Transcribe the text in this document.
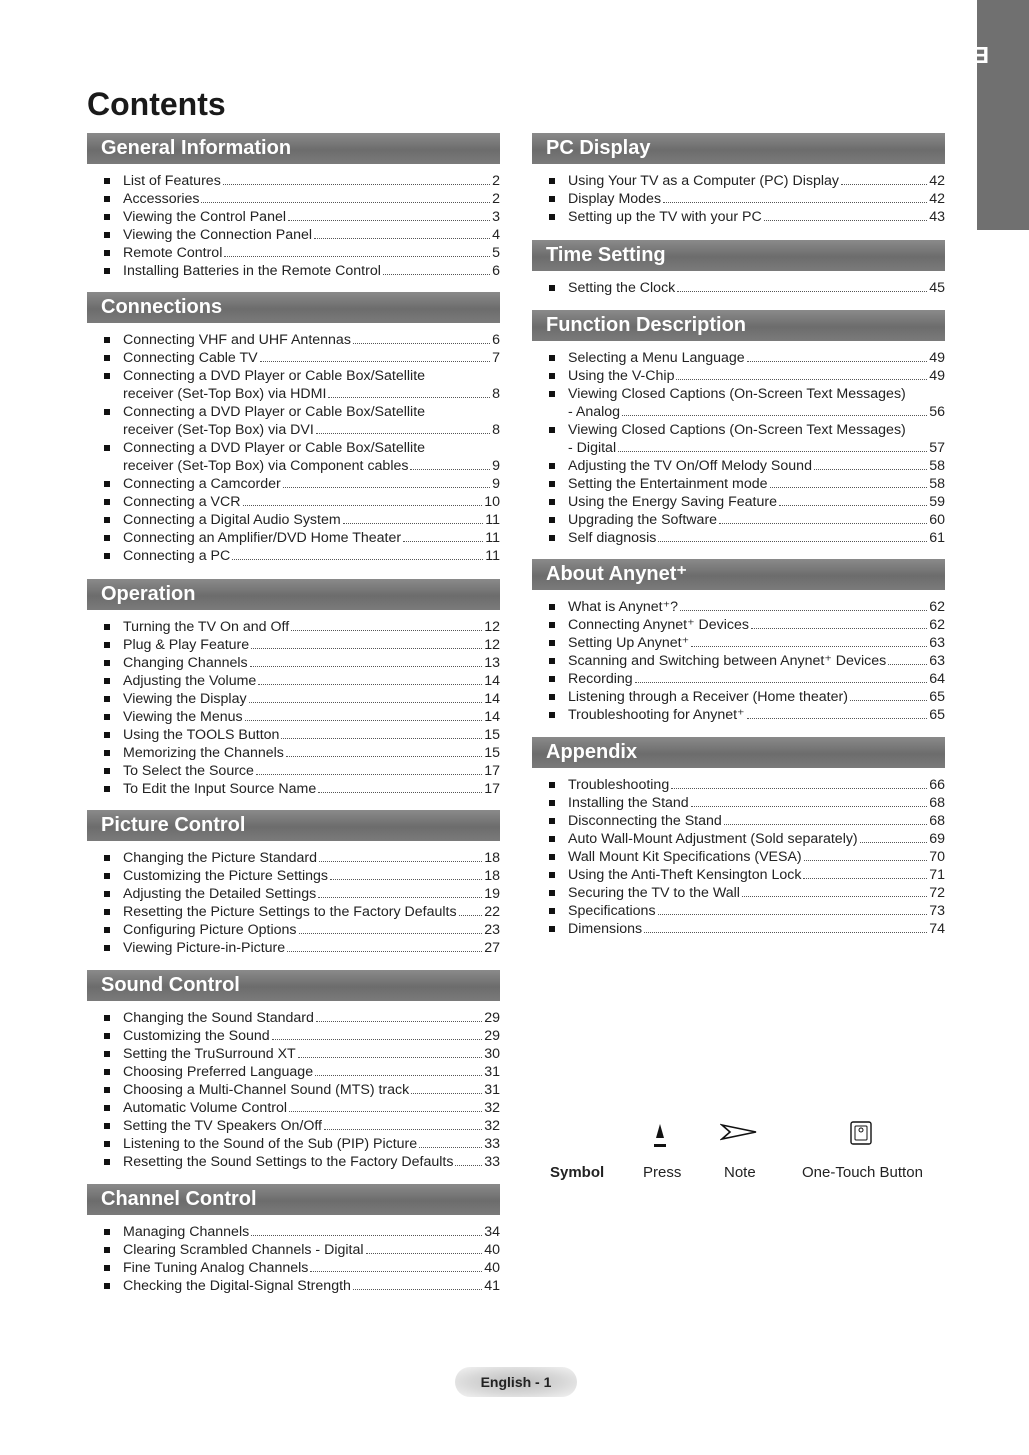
Contents
English
General Information
List of Features	2
Accessories	2
Viewing the Control Panel	3
Viewing the Connection Panel	4
Remote Control	5
Installing Batteries in the Remote Control	6
Connections
Connecting VHF and UHF Antennas	6
Connecting Cable TV	7
Connecting a DVD Player or Cable Box/Satellite
receiver (Set-Top Box) via HDMI	8
Connecting a DVD Player or Cable Box/Satellite
receiver (Set-Top Box) via DVI	8
Connecting a DVD Player or Cable Box/Satellite
receiver (Set-Top Box) via Component cables	9
Connecting a Camcorder	9
Connecting a VCR	10
Connecting a Digital Audio System	11
Connecting an Amplifier/DVD Home Theater	11
Connecting a PC	11
Operation
Turning the TV On and Off	12
Plug & Play Feature	12
Changing Channels	13
Adjusting the Volume	14
Viewing the Display	14
Viewing the Menus	14
Using the TOOLS Button	15
Memorizing the Channels	15
To Select the Source	17
To Edit the Input Source Name	17
Picture Control
Changing the Picture Standard	18
Customizing the Picture Settings	18
Adjusting the Detailed Settings	19
Resetting the Picture Settings to the Factory Defaults 22
Configuring Picture Options	23
Viewing Picture-in-Picture	27
Sound Control
Changing the Sound Standard	29
Customizing the Sound	29
Setting the TruSurround XT	30
Choosing Preferred Language	31
Choosing a Multi-Channel Sound (MTS) track	31
Automatic Volume Control	32
Setting the TV Speakers On/Off	32
Listening to the Sound of the Sub (PIP) Picture	33
Resetting the Sound Settings to the Factory Defaults 33
Channel Control
Managing Channels	34
Clearing Scrambled Channels - Digital	40
Fine Tuning Analog Channels	40
Checking the Digital-Signal Strength	41
PC Display
Using Your TV as a Computer (PC) Display	42
Display Modes	42
Setting up the TV with your PC	43
Time Setting
Setting the Clock	45
Function Description
Selecting a Menu Language	49
Using the V-Chip	49
Viewing Closed Captions (On-Screen Text Messages)
- Analog	56
Viewing Closed Captions (On-Screen Text Messages)
- Digital	57
Adjusting the TV On/Off Melody Sound	58
Setting the Entertainment mode	58
Using the Energy Saving Feature	59
Upgrading the Software	60
Self diagnosis	61
About Anynet⁺
What is Anynet⁺?	62
Connecting Anynet⁺ Devices	62
Setting Up Anynet⁺	63
Scanning and Switching between Anynet⁺ Devices	63
Recording	64
Listening through a Receiver (Home theater)	65
Troubleshooting for Anynet⁺	65
Appendix
Troubleshooting	66
Installing the Stand	68
Disconnecting the Stand	68
Auto Wall-Mount Adjustment (Sold separately)	69
Wall Mount Kit Specifications (VESA)	70
Using the Anti-Theft Kensington Lock	71
Securing the TV to the Wall	72
Specifications	73
Dimensions	74
Symbol	Press	Note	One-Touch Button
English - 1
